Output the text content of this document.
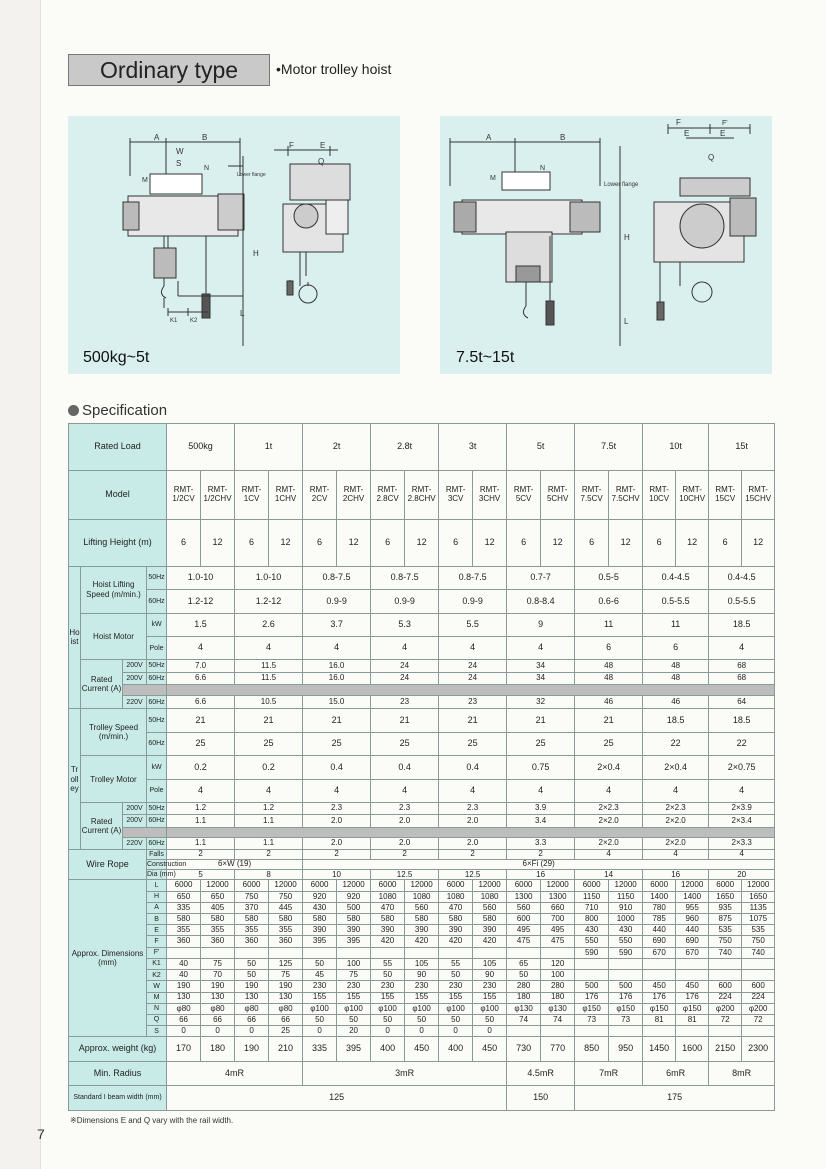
Ordinary type	•Motor trolley hoist
A	B
W
S
N
M
H
L
K1 K2
F	E
Q
Lower flange
500kg~5t
A	B
M
N
H
L
F	F'
E	E
Q
Lower flange
7.5t~15t
Specification
Rated Load				500kg		1t		2t		2.8t		3t		5t		7.5t		10t		15t	
Model				RMT-1/2CV	RMT-1/2CHV	RMT-1CV	RMT-1CHV	RMT-2CV	RMT-2CHV	RMT-2.8CV	RMT-2.8CHV	RMT-3CV	RMT-3CHV	RMT-5CV	RMT-5CHV	RMT-7.5CV	RMT-7.5CHV	RMT-10CV	RMT-10CHV	RMT-15CV	RMT-15CHV
Lifting Height (m)				6	12	6	12	6	12	6	12	6	12	6	12	6	12	6	12	6	12
Hoist	Hoist Lifting Speed (m/min.)		50Hz	1.0-10		1.0-10		0.8-7.5		0.8-7.5		0.8-7.5		0.7-7		0.5-5		0.4-4.5		0.4-4.5	
			60Hz	1.2-12		1.2-12		0.9-9		0.9-9		0.9-9		0.8-8.4		0.6-6		0.5-5.5		0.5-5.5	
	Hoist Motor		kW	1.5		2.6		3.7		5.3		5.5		9		11		11		18.5	
			Pole	4		4		4		4		4		4		6		6		4	
	Rated Current (A)	200V	50Hz	7.0		11.5		16.0		24		24		34		48		48		68	
		200V	60Hz	6.6		11.5		16.0		24		24		34		48		48		68	

		220V	60Hz	6.6		10.5		15.0		23		23		32		46		46		64	
Trolley	Trolley Speed (m/min.)		50Hz	21		21		21		21		21		21		21		18.5		18.5	
			60Hz	25		25		25		25		25		25		25		22		22	
	Trolley Motor		kW	0.2		0.2		0.4		0.4		0.4		0.75		2×0.4		2×0.4		2×0.75	
			Pole	4		4		4		4		4		4		4		4		4	
	Rated Current (A)	200V	50Hz	1.2		1.2		2.3		2.3		2.3		3.9		2×2.3		2×2.3		2×3.9	
		200V	60Hz	1.1		1.1		2.0		2.0		2.0		3.4		2×2.0		2×2.0		2×3.4	

		220V	60Hz	1.1		1.1		2.0		2.0		2.0		3.3		2×2.0		2×2.0		2×3.3	
Wire Rope			Falls	2		2		2		2		2		2		4		4		4	
			Construction	6×W (19)				6×Fi (29)													
			Dia (mm)	5		8		10		12.5		12.5		16		14		16		20	
Approx. Dimensions (mm)			L	6000	12000	6000	12000	6000	12000	6000	12000	6000	12000	6000	12000	6000	12000	6000	12000	6000	12000
			H	650	650	750	750	920	920	1080	1080	1080	1080	1300	1300	1150	1150	1400	1400	1650	1650
			A	335	405	370	445	430	500	470	560	470	560	560	660	710	910	780	955	935	1135
			B	580	580	580	580	580	580	580	580	580	580	600	700	800	1000	785	960	875	1075
			E	355	355	355	355	390	390	390	390	390	390	495	495	430	430	440	440	535	535
			F	360	360	360	360	395	395	420	420	420	420	475	475	550	550	690	690	750	750
			F'													590	590	670	670	740	740
			K1	40	75	50	125	50	100	55	105	55	105	65	120						
			K2	40	70	50	75	45	75	50	90	50	90	50	100						
			W	190	190	190	190	230	230	230	230	230	230	280	280	500	500	450	450	600	600
			M	130	130	130	130	155	155	155	155	155	155	180	180	176	176	176	176	224	224
			N	φ80	φ80	φ80	φ80	φ100	φ100	φ100	φ100	φ100	φ100	φ130	φ130	φ150	φ150	φ150	φ150	φ200	φ200
			Q	66	66	66	66	50	50	50	50	50	50	74	74	73	73	81	81	72	72
			S	0	0	0	25	0	20	0	0	0	0								
Approx. weight (kg)				170	180	190	210	335	395	400	450	400	450	730	770	850	950	1450	1600	2150	2300
Min. Radius				4mR				3mR						4.5mR		7mR		6mR		8mR	
Standard I beam width (mm)				125										150		175					
※Dimensions E and Q vary with the rail width.
7
